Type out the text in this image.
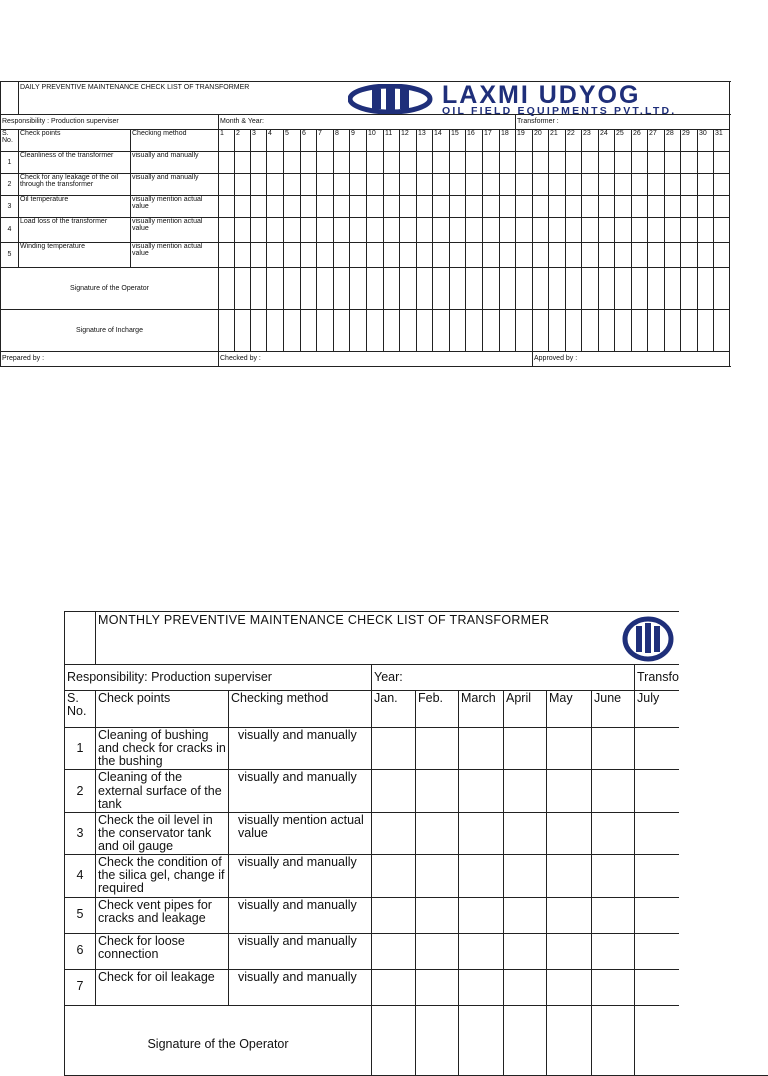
	DAILY PREVENTIVE MAINTENANCE CHECK LIST OF TRANSFORMER																																
Responsibility : Production superviser			Month & Year:																		Transformer :												
S. No.	Check points	Checking method	1	2	3	4	5	6	7	8	9	10	11	12	13	14	15	16	17	18	19	20	21	22	23	24	25	26	27	28	29	30	31
1	Cleanliness of the transformer	visually and manually																															
2	Check for any leakage of the oil through the transformer	visually and manually																															
3	Oil temperature	visually mention actual value																															
4	Load loss of the transformer	visually mention actual value																															
5	Winding temperature	visually mention actual value																															
Signature of the Operator																																	
Signature of Incharge																																	
Prepared by :			Checked by :																			Approved by :											
LAXMI UDYOG
OIL FIELD EQUIPMENTS PVT.LTD.
	MONTHLY PREVENTIVE MAINTENANCE CHECK LIST OF TRANSFORMER								
Responsibility: Production superviser			Year:						Transfo
S. No.	Check points	Checking method	Jan.	Feb.	March	April	May	June	July
1	Cleaning of bushing and check for cracks in the bushing	visually and manually							
2	Cleaning of the external surface of the tank	visually and manually							
3	Check the oil level in the conservator tank and oil gauge	visually mention actual value							
4	Check the condition of the silica gel, change if required	visually and manually							
5	Check vent pipes for cracks and leakage	visually and manually							
6	Check for loose connection	visually and manually							
7	Check for oil leakage	visually and manually							
Signature of the Operator									
